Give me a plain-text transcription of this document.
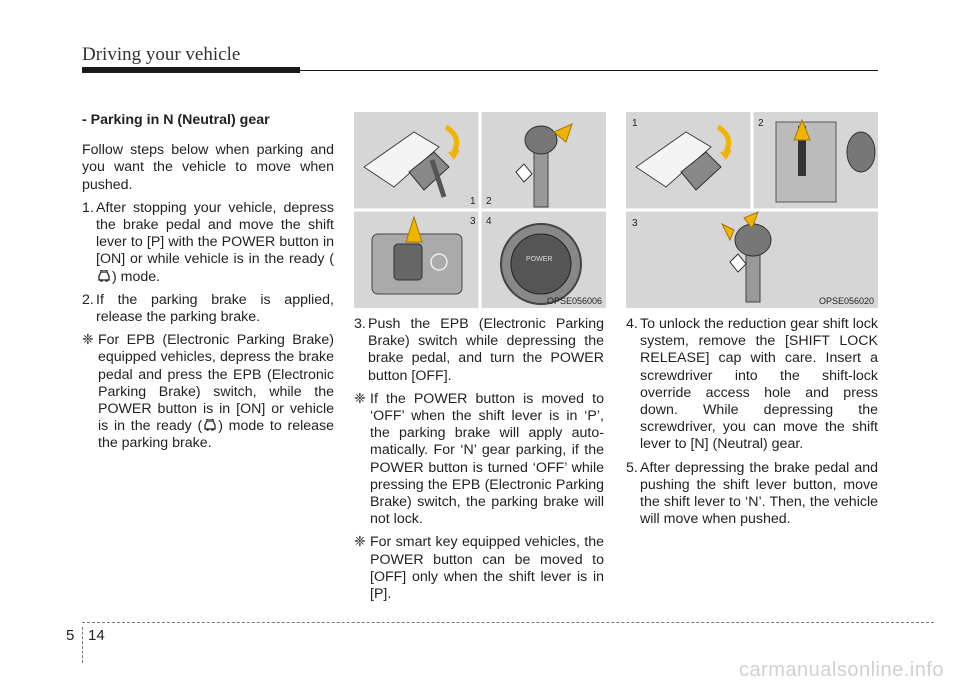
Driving your vehicle
- Parking in N (Neutral) gear

Follow steps below when parking and you want the vehicle to move when pushed.

1. After stopping your vehicle, depress the brake pedal and move the shift lever to [P] with the POWER button in [ON] or while vehicle is in the ready () mode.
2. If the parking brake is applied, release the parking brake.
❈ For EPB (Electronic Parking Brake) equipped vehicles, depress the brake pedal and press the EPB (Electronic Parking Brake) switch, while the POWER button is in [ON] or vehicle is in the ready ( ) mode to release the parking brake.
1 2
3 4
POWER
OPSE056006
1	2
3
OPSE056020
3. Push the EPB (Electronic Parking Brake) switch while depressing the brake pedal, and turn the POWER button [OFF].
❈ If the POWER button is moved to ‘OFF’ when the shift lever is in ‘P’, the parking brake will apply auto-matically. For ‘N’ gear parking, if the POWER button is turned ‘OFF’ while pressing the EPB (Electronic Parking Brake) switch, the parking brake will not lock.
❈ For smart key equipped vehicles, the POWER button can be moved to [OFF] only when the shift lever is in [P].
4. To unlock the reduction gear shift lock system, remove the [SHIFT LOCK RELEASE] cap with care. Insert a screwdriver into the shift-lock override access hole and press down. While depressing the screwdriver, you can move the shift lever to [N] (Neutral) gear.
5. After depressing the brake pedal and pushing the shift lever button, move the shift lever to ‘N’. Then, the vehicle will move when pushed.
5 14
carmanualsonline.info
